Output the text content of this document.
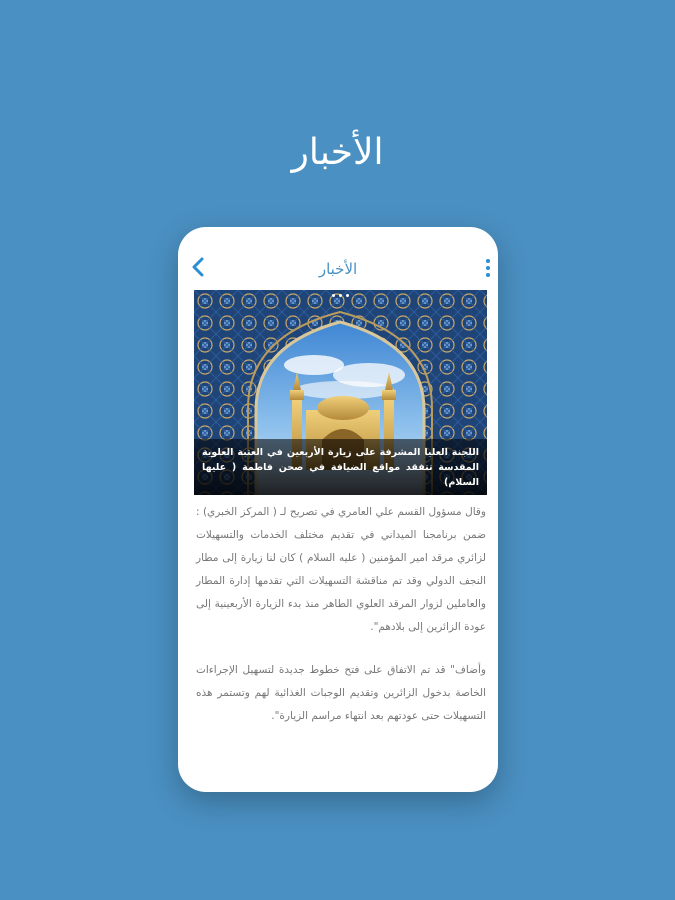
الأخبار
الأخبار
اللجنة العليا المشرفة على زيارة الأربعين في العتبة العلوية المقدسة تتفقد مواقع الضيافة في صحن فاطمة ( عليها السلام)

وقال مسؤول القسم علي العامري في تصريح لـ ( المركز الخبري) : ضمن برنامجنا الميداني في تقديم مختلف الخدمات والتسهيلات لزائري مرقد امير المؤمنين ( عليه السلام ) كان لنا زيارة إلى مطار النجف الدولي وقد تم مناقشة التسهيلات التي تقدمها إدارة المطار والعاملين لزوار المرقد العلوي الطاهر منذ بدء الزيارة الأربعينية إلى عودة الزائرين إلى بلادهم".

وأضاف" قد تم الاتفاق على فتح خطوط جديدة لتسهيل الإجراءات الخاصة بدخول الزائرين وتقديم الوجبات الغذائية لهم وتستمر هذه التسهيلات حتى عودتهم بعد انتهاء مراسم الزيارة".
